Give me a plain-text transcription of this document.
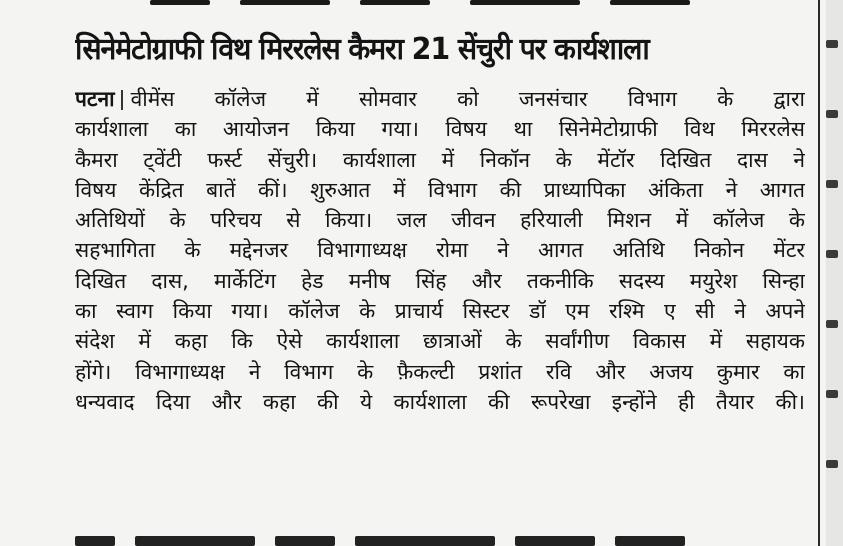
सिनेमेटोग्राफी विथ मिररलेस कैमरा 21 सेंचुरी पर कार्यशाला
पटना वीमेंस कॉलेज में सोमवार को जनसंचार विभाग के द्वारा
कार्यशाला का आयोजन किया गया। विषय था सिनेमेटोग्राफी विथ मिररलेस
कैमरा ट्वेंटी फर्स्ट सेंचुरी। कार्यशाला में निकॉन के मेंटॉर दिखित दास ने
विषय केंद्रित बातें कीं। शुरुआत में विभाग की प्राध्यापिका अंकिता ने आगत
अतिथियों के परिचय से किया। जल जीवन हरियाली मिशन में कॉलेज के
सहभागिता के मद्देनजर विभागाध्यक्ष रोमा ने आगत अतिथि निकोन मेंटर
दिखित दास, मार्केटिंग हेड मनीष सिंह और तकनीकि सदस्य मयुरेश सिन्हा
का स्वाग किया गया। कॉलेज के प्राचार्य सिस्टर डॉ एम रश्मि ए सी ने अपने
संदेश में कहा कि ऐसे कार्यशाला छात्राओं के सर्वांगीण विकास में सहायक
होंगे। विभागाध्यक्ष ने विभाग के फ़ैकल्टी प्रशांत रवि और अजय कुमार का
धन्यवाद दिया और कहा की ये कार्यशाला की रूपरेखा इन्होंने ही तैयार की।
